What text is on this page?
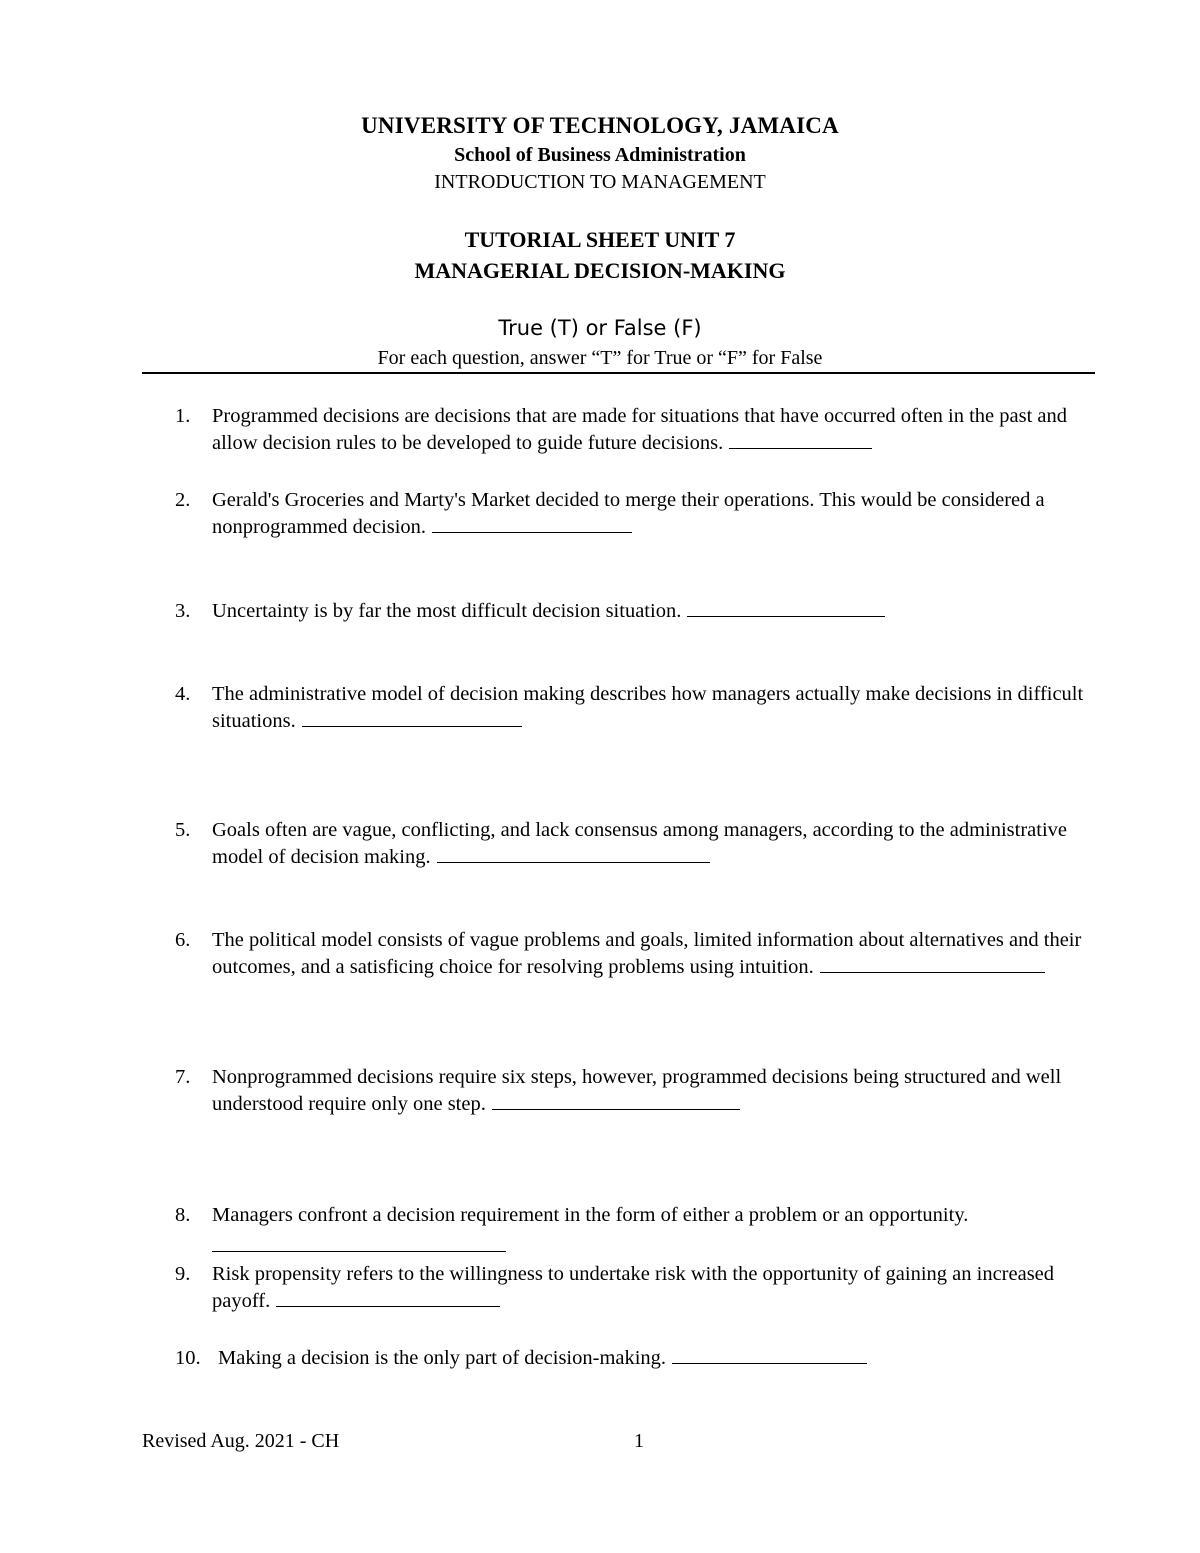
UNIVERSITY OF TECHNOLOGY, JAMAICA
School of Business Administration
INTRODUCTION TO MANAGEMENT
TUTORIAL SHEET UNIT 7
MANAGERIAL DECISION-MAKING
True (T) or False (F)
For each question, answer “T” for True or “F” for False
1. Programmed decisions are decisions that are made for situations that have occurred often in the past and allow decision rules to be developed to guide future decisions.
2. Gerald's Groceries and Marty's Market decided to merge their operations. This would be considered a nonprogrammed decision.
3. Uncertainty is by far the most difficult decision situation.
4. The administrative model of decision making describes how managers actually make decisions in difficult situations.
5. Goals often are vague, conflicting, and lack consensus among managers, according to the administrative model of decision making.
6. The political model consists of vague problems and goals, limited information about alternatives and their outcomes, and a satisficing choice for resolving problems using intuition.
7. Nonprogrammed decisions require six steps, however, programmed decisions being structured and well understood require only one step.
8. Managers confront a decision requirement in the form of either a problem or an opportunity.
9. Risk propensity refers to the willingness to undertake risk with the opportunity of gaining an increased payoff.
10. Making a decision is the only part of decision-making.
Revised Aug. 2021 - CH	1
